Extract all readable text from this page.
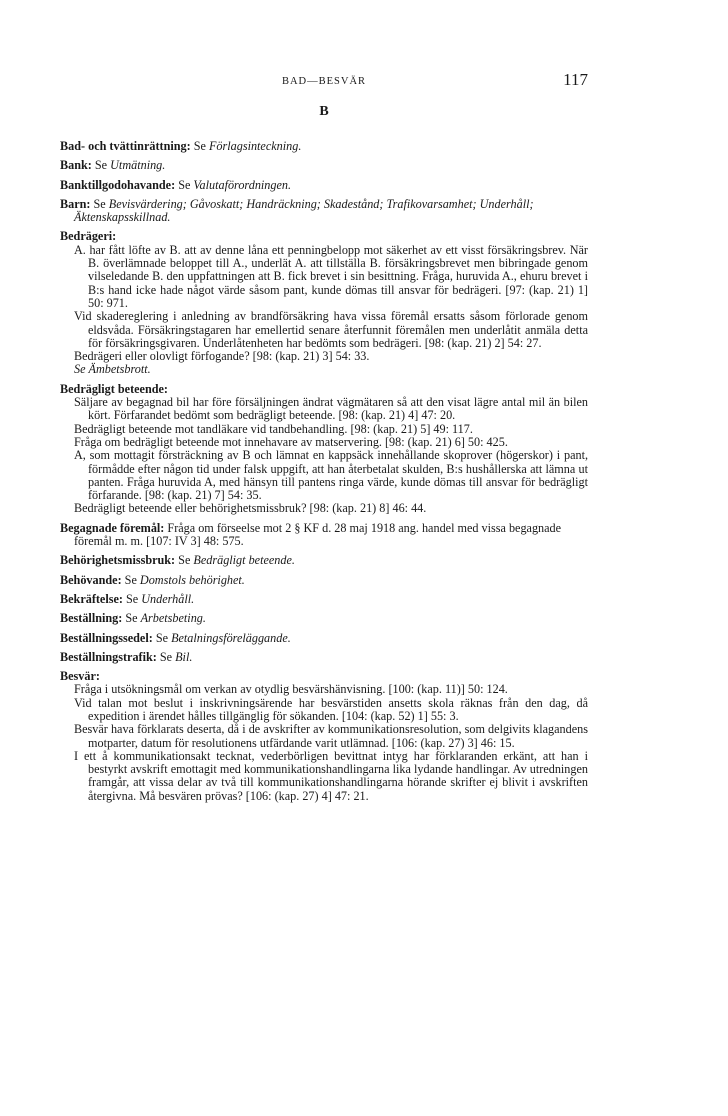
BAD—BESVÄR	117
B

Bad- och tvättinrättning: Se Förlagsinteckning.

Bank: Se Utmätning.

Banktillgodohavande: Se Valutaförordningen.

Barn: Se Bevisvärdering; Gåvoskatt; Handräckning; Skadestånd; Trafikovarsamhet; Underhåll; Äktenskapsskillnad.

Bedrägeri:

A. har fått löfte av B. att av denne låna ett penningbelopp mot säkerhet av ett visst försäkringsbrev. När B. överlämnade beloppet till A., underlät A. att tillställa B. försäkringsbrevet men bibringade genom vilseledande B. den uppfattningen att B. fick brevet i sin besittning. Fråga, huruvida A., ehuru brevet i B:s hand icke hade något värde såsom pant, kunde dömas till ansvar för bedrägeri. [97: (kap. 21) 1] 50: 971.

Vid skadereglering i anledning av brandförsäkring hava vissa föremål ersatts såsom förlorade genom eldsvåda. Försäkringstagaren har emellertid senare återfunnit föremålen men underlåtit anmäla detta för försäkringsgivaren. Underlåtenheten har bedömts som bedrägeri. [98: (kap. 21) 2] 54: 27.

Bedrägeri eller olovligt förfogande? [98: (kap. 21) 3] 54: 33.

Se Ämbetsbrott.

Bedrägligt beteende:

Säljare av begagnad bil har före försäljningen ändrat vägmätaren så att den visat lägre antal mil än bilen kört. Förfarandet bedömt som bedrägligt beteende. [98: (kap. 21) 4] 47: 20.

Bedrägligt beteende mot tandläkare vid tandbehandling. [98: (kap. 21) 5] 49: 117.

Fråga om bedrägligt beteende mot innehavare av matservering. [98: (kap. 21) 6] 50: 425.

A, som mottagit försträckning av B och lämnat en kappsäck innehållande skoprover (högerskor) i pant, förmådde efter någon tid under falsk uppgift, att han återbetalat skulden, B:s hushållerska att lämna ut panten. Fråga huruvida A, med hänsyn till pantens ringa värde, kunde dömas till ansvar för bedrägligt förfarande. [98: (kap. 21) 7] 54: 35.

Bedrägligt beteende eller behörighetsmissbruk? [98: (kap. 21) 8] 46: 44.

Begagnade föremål: Fråga om förseelse mot 2 § KF d. 28 maj 1918 ang. handel med vissa begagnade föremål m. m. [107: IV 3] 48: 575.

Behörighetsmissbruk: Se Bedrägligt beteende.

Behövande: Se Domstols behörighet.

Bekräftelse: Se Underhåll.

Beställning: Se Arbetsbeting.

Beställningssedel: Se Betalningsföreläggande.

Beställningstrafik: Se Bil.

Besvär:

Fråga i utsökningsmål om verkan av otydlig besvärshänvisning. [100: (kap. 11)] 50: 124.

Vid talan mot beslut i inskrivningsärende har besvärstiden ansetts skola räknas från den dag, då expedition i ärendet hålles tillgänglig för sökanden. [104: (kap. 52) 1] 55: 3.

Besvär hava förklarats deserta, då i de avskrifter av kommunikationsresolution, som delgivits klagandens motparter, datum för resolutionens utfärdande varit utlämnad. [106: (kap. 27) 3] 46: 15.

I ett å kommunikationsakt tecknat, vederbörligen bevittnat intyg har förklaranden erkänt, att han i bestyrkt avskrift emottagit med kommunikationshandlingarna lika lydande handlingar. Av utredningen framgår, att vissa delar av två till kommunikationshandlingarna hörande skrifter ej blivit i avskriften återgivna. Må besvären prövas? [106: (kap. 27) 4] 47: 21.
